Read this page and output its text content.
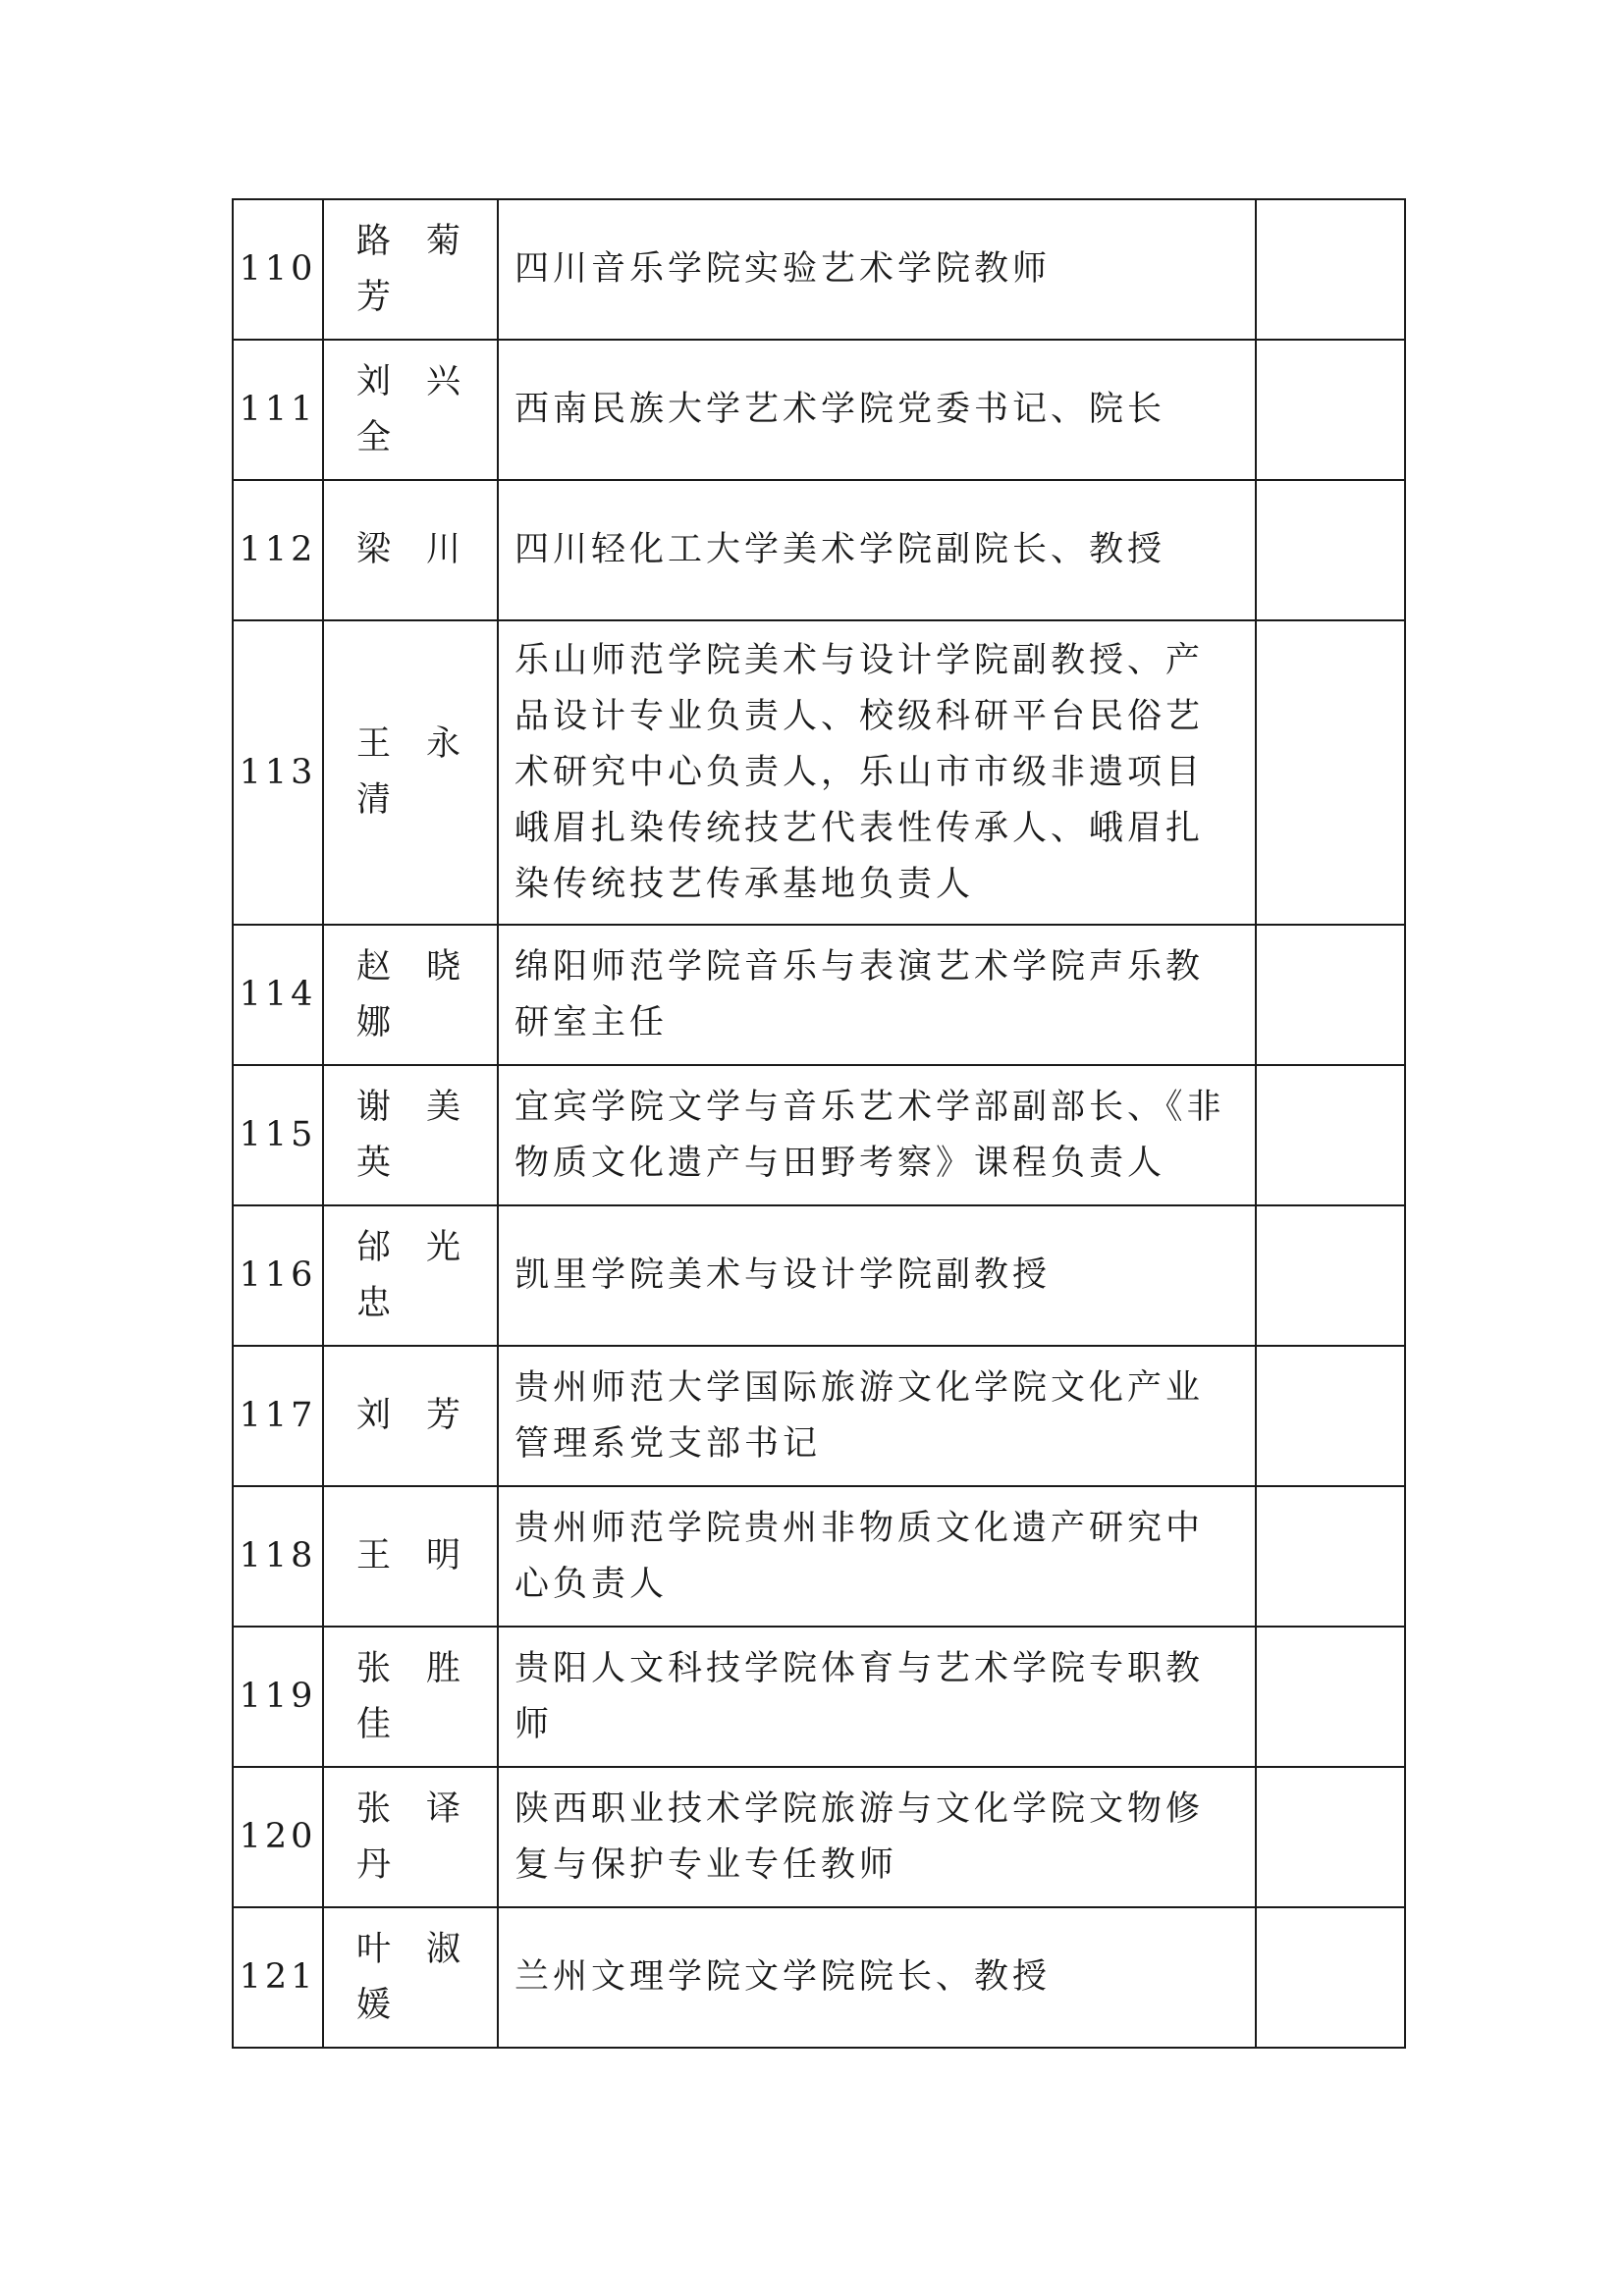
110	路菊芳	四川音乐学院实验艺术学院教师	
111	刘兴全	西南民族大学艺术学院党委书记、院长	
112	梁 川	四川轻化工大学美术学院副院长、教授	
113	王永清	乐山师范学院美术与设计学院副教授、产品设计专业负责人、校级科研平台民俗艺术研究中心负责人，乐山市市级非遗项目峨眉扎染传统技艺代表性传承人、峨眉扎染传统技艺传承基地负责人	
114	赵晓娜	绵阳师范学院音乐与表演艺术学院声乐教研室主任	
115	谢美英	宜宾学院文学与音乐艺术学部副部长、《非物质文化遗产与田野考察》课程负责人	
116	邰光忠	凯里学院美术与设计学院副教授	
117	刘 芳	贵州师范大学国际旅游文化学院文化产业管理系党支部书记	
118	王 明	贵州师范学院贵州非物质文化遗产研究中心负责人	
119	张胜佳	贵阳人文科技学院体育与艺术学院专职教师	
120	张译丹	陕西职业技术学院旅游与文化学院文物修复与保护专业专任教师	
121	叶淑媛	兰州文理学院文学院院长、教授	
